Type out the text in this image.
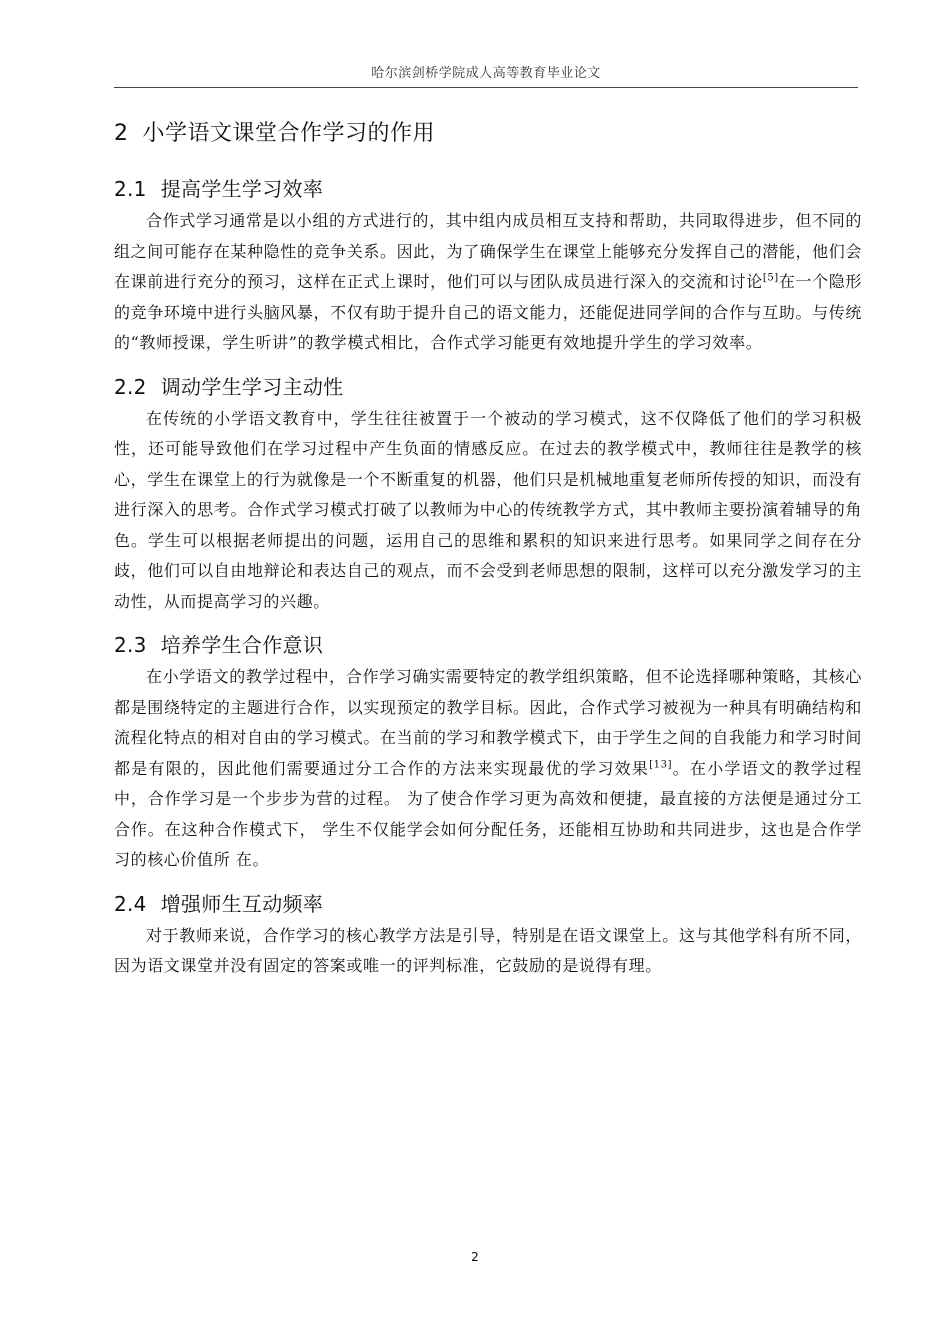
哈尔滨剑桥学院成人高等教育毕业论文
2 小学语文课堂合作学习的作用
2.1 提高学生学习效率

合作式学习通常是以小组的方式进行的，其中组内成员相互支持和帮助，共同取得进步，但不同的组之间可能存在某种隐性的竞争关系。因此，为了确保学生在课堂上能够充分发挥自己的潜能，他们会在课前进行充分的预习，这样在正式上课时，他们可以与团队成员进行深入的交流和讨论[5]在一个隐形的竞争环境中进行头脑风暴，不仅有助于提升自己的语文能力，还能促进同学间的合作与互助。与传统的“教师授课，学生听讲”的教学模式相比，合作式学习能更有效地提升学生的学习效率。

2.2 调动学生学习主动性

在传统的小学语文教育中，学生往往被置于一个被动的学习模式，这不仅降低了他们的学习积极性，还可能导致他们在学习过程中产生负面的情感反应。在过去的教学模式中，教师往往是教学的核心，学生在课堂上的行为就像是一个不断重复的机器，他们只是机械地重复老师所传授的知识，而没有进行深入的思考。合作式学习模式打破了以教师为中心的传统教学方式，其中教师主要扮演着辅导的角色。学生可以根据老师提出的问题，运用自己的思维和累积的知识来进行思考。如果同学之间存在分歧，他们可以自由地辩论和表达自己的观点，而不会受到老师思想的限制，这样可以充分激发学习的主动性，从而提高学习的兴趣。

2.3 培养学生合作意识

在小学语文的教学过程中，合作学习确实需要特定的教学组织策略，但不论选择哪种策略，其核心都是围绕特定的主题进行合作，以实现预定的教学目标。因此，合作式学习被视为一种具有明确结构和流程化特点的相对自由的学习模式。在当前的学习和教学模式下，由于学生之间的自我能力和学习时间都是有限的，因此他们需要通过分工合作的方法来实现最优的学习效果[13]。在小学语文的教学过程中，合作学习是一个步步为营的过程。 为了使合作学习更为高效和便捷，最直接的方法便是通过分工合作。在这种合作模式下， 学生不仅能学会如何分配任务，还能相互协助和共同进步，这也是合作学习的核心价值所 在。

2.4 增强师生互动频率

对于教师来说，合作学习的核心教学方法是引导，特别是在语文课堂上。这与其他学科有所不同，因为语文课堂并没有固定的答案或唯一的评判标准，它鼓励的是说得有理。

2
